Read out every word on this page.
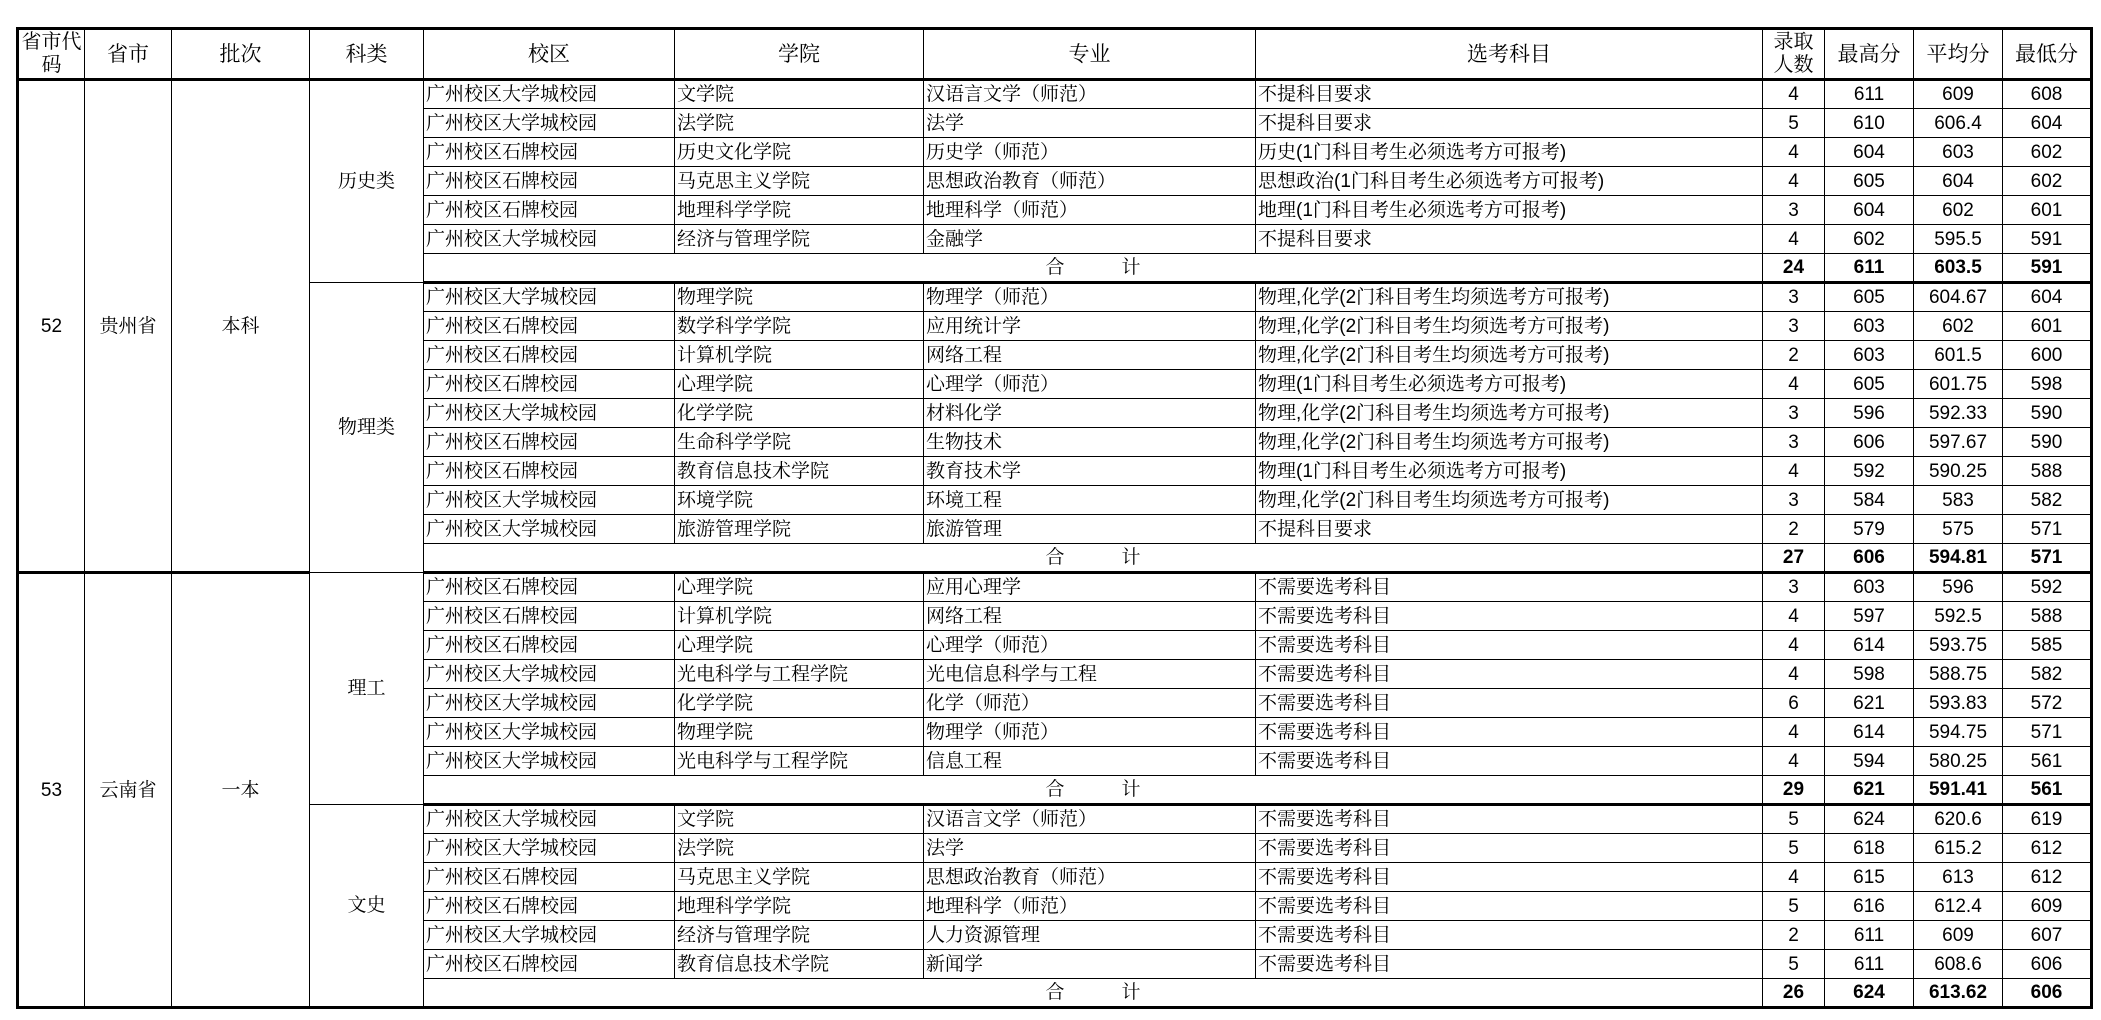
省市代码	省市	批次	科类	校区	学院	专业	选考科目	录取人数	最高分	平均分	最低分
52	贵州省	本科	历史类	广州校区大学城校园	文学院	汉语言文学（师范）	不提科目要求	4	611	609	608
				广州校区大学城校园	法学院	法学	不提科目要求	5	610	606.4	604
				广州校区石牌校园	历史文化学院	历史学（师范）	历史(1门科目考生必须选考方可报考)	4	604	603	602
				广州校区石牌校园	马克思主义学院	思想政治教育（师范）	思想政治(1门科目考生必须选考方可报考)	4	605	604	602
				广州校区石牌校园	地理科学学院	地理科学（师范）	地理(1门科目考生必须选考方可报考)	3	604	602	601
				广州校区大学城校园	经济与管理学院	金融学	不提科目要求	4	602	595.5	591
				合　　　计				24	611	603.5	591
			物理类	广州校区大学城校园	物理学院	物理学（师范）	物理,化学(2门科目考生均须选考方可报考)	3	605	604.67	604
				广州校区石牌校园	数学科学学院	应用统计学	物理,化学(2门科目考生均须选考方可报考)	3	603	602	601
				广州校区石牌校园	计算机学院	网络工程	物理,化学(2门科目考生均须选考方可报考)	2	603	601.5	600
				广州校区石牌校园	心理学院	心理学（师范）	物理(1门科目考生必须选考方可报考)	4	605	601.75	598
				广州校区大学城校园	化学学院	材料化学	物理,化学(2门科目考生均须选考方可报考)	3	596	592.33	590
				广州校区石牌校园	生命科学学院	生物技术	物理,化学(2门科目考生均须选考方可报考)	3	606	597.67	590
				广州校区石牌校园	教育信息技术学院	教育技术学	物理(1门科目考生必须选考方可报考)	4	592	590.25	588
				广州校区大学城校园	环境学院	环境工程	物理,化学(2门科目考生均须选考方可报考)	3	584	583	582
				广州校区大学城校园	旅游管理学院	旅游管理	不提科目要求	2	579	575	571
				合　　　计				27	606	594.81	571
53	云南省	一本	理工	广州校区石牌校园	心理学院	应用心理学	不需要选考科目	3	603	596	592
				广州校区石牌校园	计算机学院	网络工程	不需要选考科目	4	597	592.5	588
				广州校区石牌校园	心理学院	心理学（师范）	不需要选考科目	4	614	593.75	585
				广州校区大学城校园	光电科学与工程学院	光电信息科学与工程	不需要选考科目	4	598	588.75	582
				广州校区大学城校园	化学学院	化学（师范）	不需要选考科目	6	621	593.83	572
				广州校区大学城校园	物理学院	物理学（师范）	不需要选考科目	4	614	594.75	571
				广州校区大学城校园	光电科学与工程学院	信息工程	不需要选考科目	4	594	580.25	561
				合　　　计				29	621	591.41	561
			文史	广州校区大学城校园	文学院	汉语言文学（师范）	不需要选考科目	5	624	620.6	619
				广州校区大学城校园	法学院	法学	不需要选考科目	5	618	615.2	612
				广州校区石牌校园	马克思主义学院	思想政治教育（师范）	不需要选考科目	4	615	613	612
				广州校区石牌校园	地理科学学院	地理科学（师范）	不需要选考科目	5	616	612.4	609
				广州校区大学城校园	经济与管理学院	人力资源管理	不需要选考科目	2	611	609	607
				广州校区石牌校园	教育信息技术学院	新闻学	不需要选考科目	5	611	608.6	606
				合　　　计				26	624	613.62	606
